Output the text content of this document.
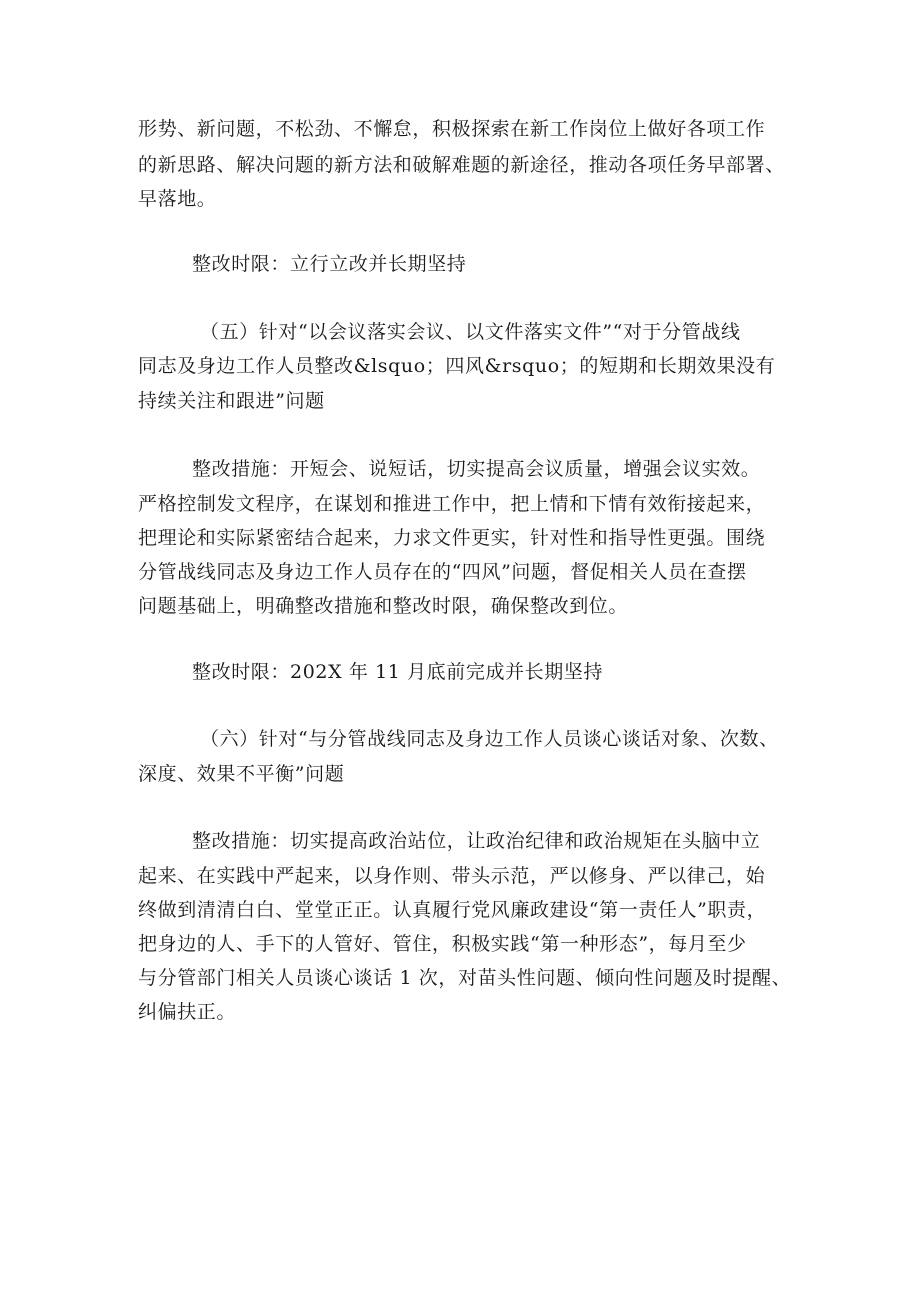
形势、新问题，不松劲、不懈怠，积极探索在新工作岗位上做好各项工作
的新思路、解决问题的新方法和破解难题的新途径，推动各项任务早部署、
早落地。
整改时限：立行立改并长期坚持
（五）针对“以会议落实会议、以文件落实文件”“对于分管战线
同志及身边工作人员整改&lsquo；四风&rsquo；的短期和长期效果没有
持续关注和跟进”问题
整改措施：开短会、说短话，切实提高会议质量，增强会议实效。
严格控制发文程序，在谋划和推进工作中，把上情和下情有效衔接起来，
把理论和实际紧密结合起来，力求文件更实，针对性和指导性更强。围绕
分管战线同志及身边工作人员存在的“四风”问题，督促相关人员在查摆
问题基础上，明确整改措施和整改时限，确保整改到位。
整改时限：202X 年 11 月底前完成并长期坚持
（六）针对“与分管战线同志及身边工作人员谈心谈话对象、次数、
深度、效果不平衡”问题
整改措施：切实提高政治站位，让政治纪律和政治规矩在头脑中立
起来、在实践中严起来，以身作则、带头示范，严以修身、严以律己，始
终做到清清白白、堂堂正正。认真履行党风廉政建设“第一责任人”职责，
把身边的人、手下的人管好、管住，积极实践“第一种形态”，每月至少
与分管部门相关人员谈心谈话 1 次，对苗头性问题、倾向性问题及时提醒、
纠偏扶正。
